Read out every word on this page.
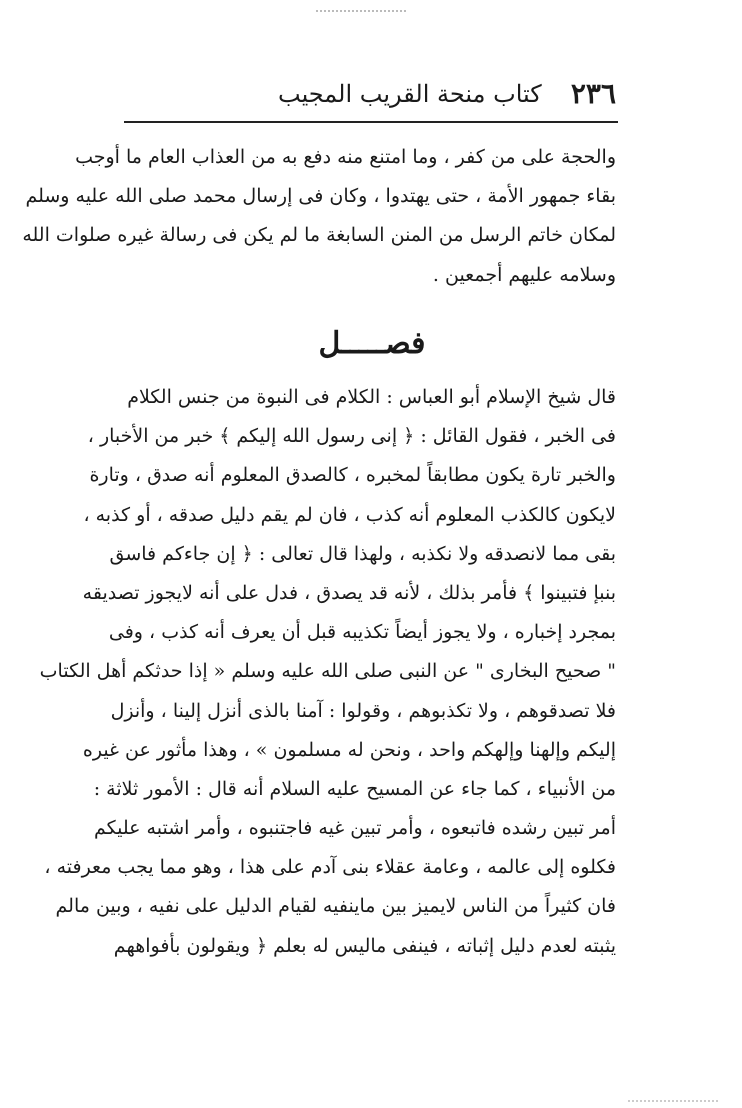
٢٣٦
كتاب منحة القريب المجيب
والحجة على من كفر ، وما امتنع منه دفع به من العذاب العام ما أوجب
بقاء جمهور الأمة ، حتى يهتدوا ، وكان فى إرسال محمد صلى الله عليه وسلم
لمكان خاتم الرسل من المنن السابغة ما لم يكن فى رسالة غيره صلوات الله
وسلامه عليهم أجمعين .
فصـــــل
قال شيخ الإسلام أبو العباس : الكلام فى النبوة من جنس الكلام
فى الخبر ، فقول القائل : ﴿ إنى رسول الله إليكم ﴾ خبر من الأخبار ،
والخبر تارة يكون مطابقاً لمخبره ، كالصدق المعلوم أنه صدق ، وتارة
لايكون كالكذب المعلوم أنه كذب ، فان لم يقم دليل صدقه ، أو كذبه ،
بقى مما لانصدقه ولا نكذبه ، ولهذا قال تعالى : ﴿ إن جاءكم فاسق
بنبإ فتبينوا ﴾ فأمر بذلك ، لأنه قد يصدق ، فدل على أنه لايجوز تصديقه
بمجرد إخباره ، ولا يجوز أيضاً تكذيبه قبل أن يعرف أنه كذب ، وفى
" صحيح البخارى " عن النبى صلى الله عليه وسلم « إذا حدثكم أهل الكتاب
فلا تصدقوهم ، ولا تكذبوهم ، وقولوا : آمنا بالذى أنزل إلينا ، وأنزل
إليكم وإلهنا وإلهكم واحد ، ونحن له مسلمون » ، وهذا مأثور عن غيره
من الأنبياء ، كما جاء عن المسيح عليه السلام أنه قال : الأمور ثلاثة :
أمر تبين رشده فاتبعوه ، وأمر تبين غيه فاجتنبوه ، وأمر اشتبه عليكم
فكلوه إلى عالمه ، وعامة عقلاء بنى آدم على هذا ، وهو مما يجب معرفته ،
فان كثيراً من الناس لايميز بين ماينفيه لقيام الدليل على نفيه ، وبين مالم
يثبته لعدم دليل إثباته ، فينفى ماليس له بعلم ﴿ ويقولون بأفواههم
